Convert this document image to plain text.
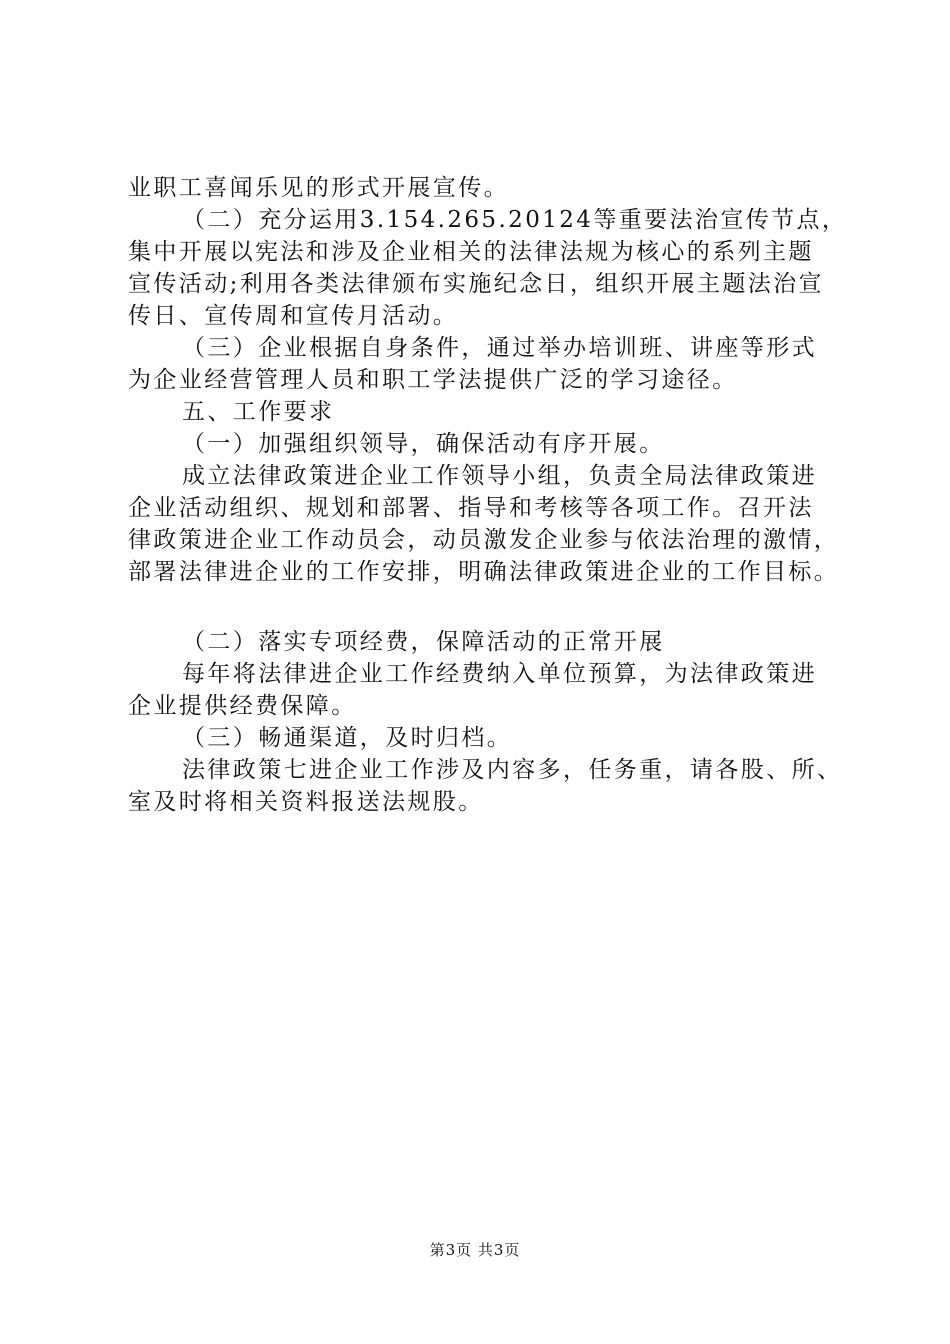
业职工喜闻乐见的形式开展宣传。
（二）充分运用3.154.265.20124等重要法治宣传节点，
集中开展以宪法和涉及企业相关的法律法规为核心的系列主题
宣传活动;利用各类法律颁布实施纪念日，组织开展主题法治宣
传日、宣传周和宣传月活动。
（三）企业根据自身条件，通过举办培训班、讲座等形式
为企业经营管理人员和职工学法提供广泛的学习途径。
五、工作要求
（一）加强组织领导，确保活动有序开展。
成立法律政策进企业工作领导小组，负责全局法律政策进
企业活动组织、规划和部署、指导和考核等各项工作。召开法
律政策进企业工作动员会，动员激发企业参与依法治理的激情，
部署法律进企业的工作安排，明确法律政策进企业的工作目标。
（二）落实专项经费，保障活动的正常开展
每年将法律进企业工作经费纳入单位预算，为法律政策进
企业提供经费保障。
（三）畅通渠道，及时归档。
法律政策七进企业工作涉及内容多，任务重，请各股、所、
室及时将相关资料报送法规股。
第3页 共3页
